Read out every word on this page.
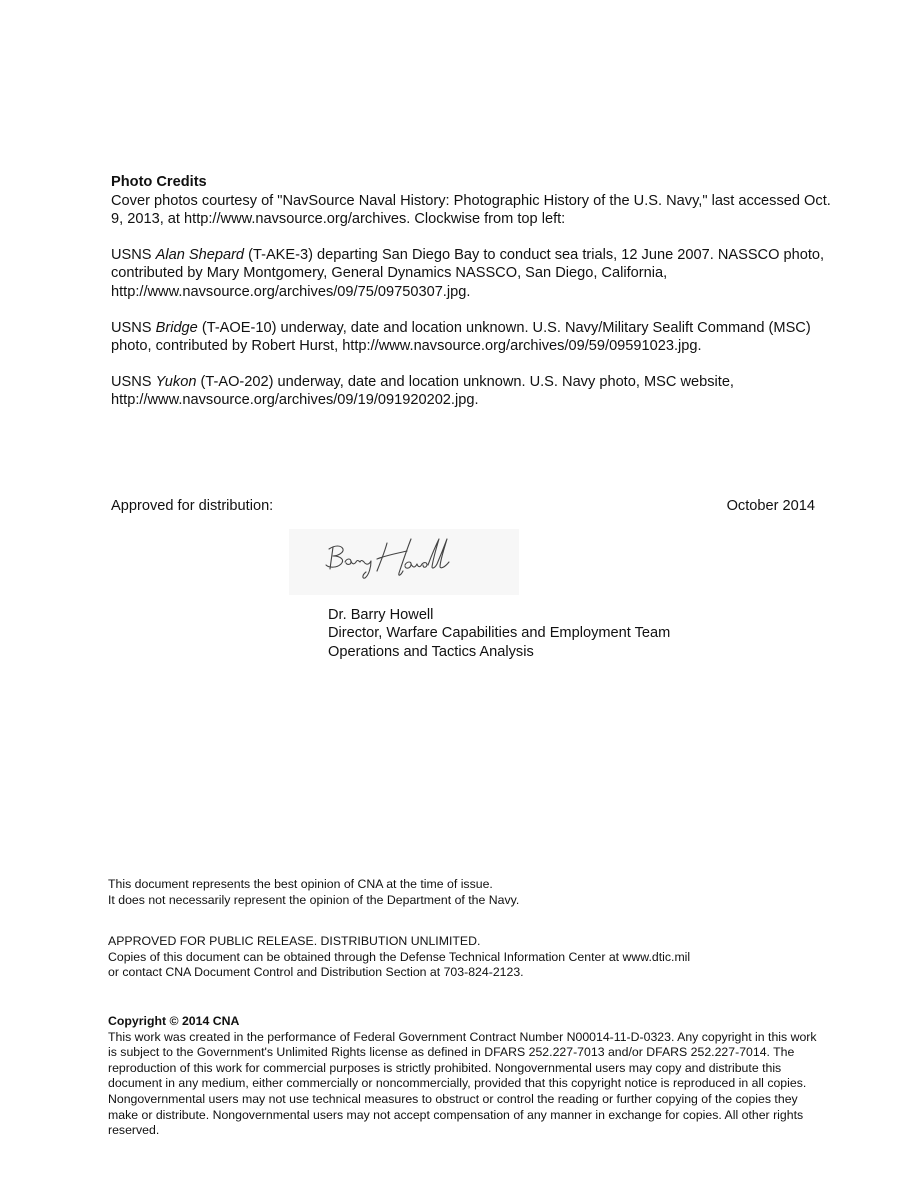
Photo Credits
Cover photos courtesy of "NavSource Naval History: Photographic History of the U.S. Navy," last accessed Oct. 9, 2013, at http://www.navsource.org/archives. Clockwise from top left:

USNS Alan Shepard (T-AKE-3) departing San Diego Bay to conduct sea trials, 12 June 2007. NASSCO photo, contributed by Mary Montgomery, General Dynamics NASSCO, San Diego, California, http://www.navsource.org/archives/09/75/09750307.jpg.

USNS Bridge (T-AOE-10) underway, date and location unknown. U.S. Navy/Military Sealift Command (MSC) photo, contributed by Robert Hurst, http://www.navsource.org/archives/09/59/09591023.jpg.

USNS Yukon (T-AO-202) underway, date and location unknown. U.S. Navy photo, MSC website, http://www.navsource.org/archives/09/19/091920202.jpg.

Approved for distribution:	October 2014
Dr. Barry Howell
Director, Warfare Capabilities and Employment Team
Operations and Tactics Analysis
This document represents the best opinion of CNA at the time of issue.
It does not necessarily represent the opinion of the Department of the Navy.
APPROVED FOR PUBLIC RELEASE. DISTRIBUTION UNLIMITED.
Copies of this document can be obtained through the Defense Technical Information Center at www.dtic.mil
or contact CNA Document Control and Distribution Section at 703-824-2123.
Copyright © 2014 CNA
This work was created in the performance of Federal Government Contract Number N00014-11-D-0323. Any copyright in this work is subject to the Government's Unlimited Rights license as defined in DFARS 252.227-7013 and/or DFARS 252.227-7014. The reproduction of this work for commercial purposes is strictly prohibited. Nongovernmental users may copy and distribute this document in any medium, either commercially or noncommercially, provided that this copyright notice is reproduced in all copies. Nongovernmental users may not use technical measures to obstruct or control the reading or further copying of the copies they make or distribute. Nongovernmental users may not accept compensation of any manner in exchange for copies. All other rights reserved.
